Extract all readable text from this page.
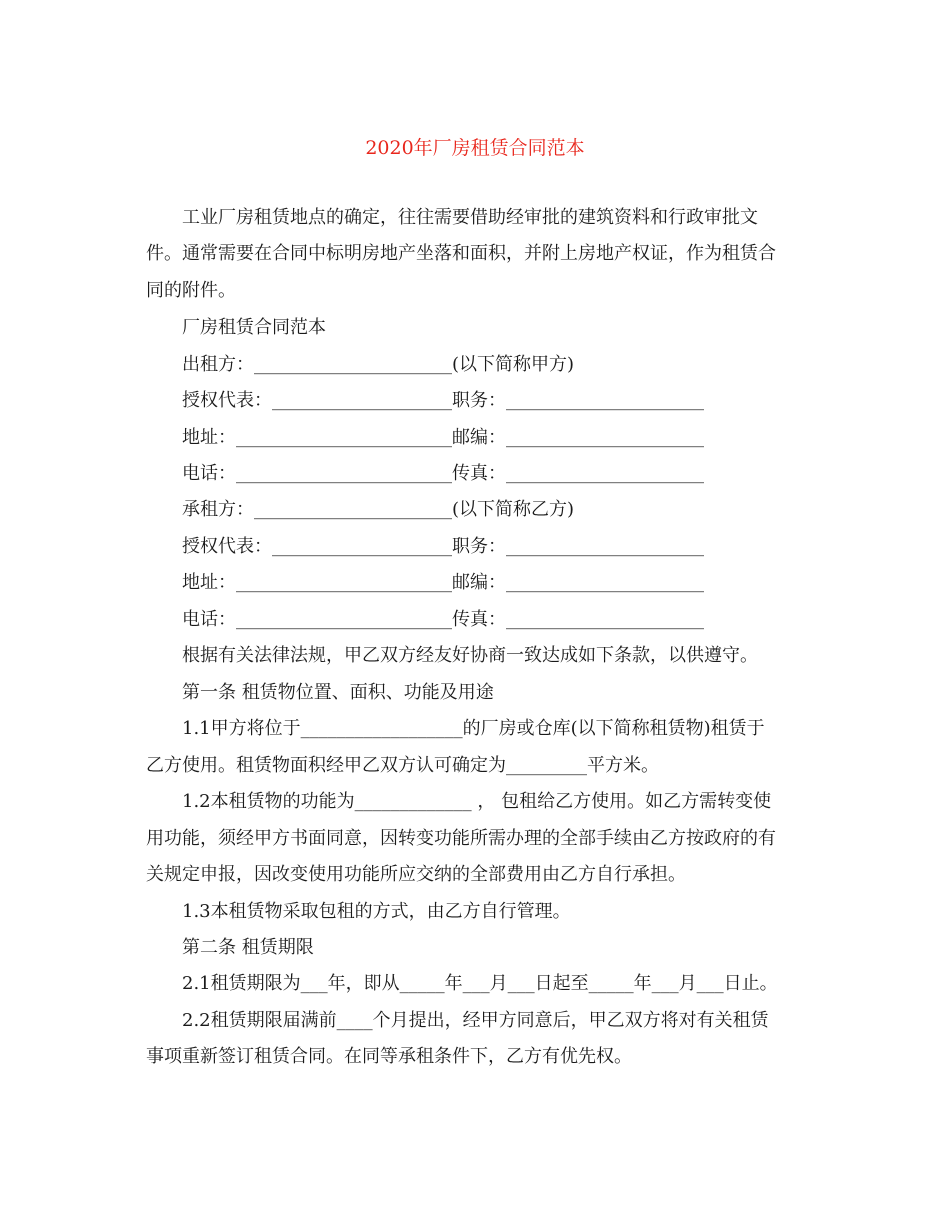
2020年厂房租赁合同范本

工业厂房租赁地点的确定，往往需要借助经审批的建筑资料和行政审批文

件。通常需要在合同中标明房地产坐落和面积，并附上房地产权证，作为租赁合

同的附件。

厂房租赁合同范本

出租方：______________________(以下简称甲方)

授权代表：____________________职务：______________________

地址：________________________邮编：______________________

电话：________________________传真：______________________

承租方：______________________(以下简称乙方)

授权代表：____________________职务：______________________

地址：________________________邮编：______________________

电话：________________________传真：______________________

根据有关法律法规，甲乙双方经友好协商一致达成如下条款，以供遵守。

第一条 租赁物位置、面积、功能及用途

1.1甲方将位于__________________的厂房或仓库(以下简称租赁物)租赁于

乙方使用。租赁物面积经甲乙双方认可确定为_________平方米。

1.2本租赁物的功能为_____________ ， 包租给乙方使用。如乙方需转变使

用功能，须经甲方书面同意，因转变功能所需办理的全部手续由乙方按政府的有

关规定申报，因改变使用功能所应交纳的全部费用由乙方自行承担。

1.3本租赁物采取包租的方式，由乙方自行管理。

第二条 租赁期限

2.1租赁期限为___年，即从_____年___月___日起至_____年___月___日止。

2.2租赁期限届满前____个月提出，经甲方同意后，甲乙双方将对有关租赁

事项重新签订租赁合同。在同等承租条件下，乙方有优先权。
